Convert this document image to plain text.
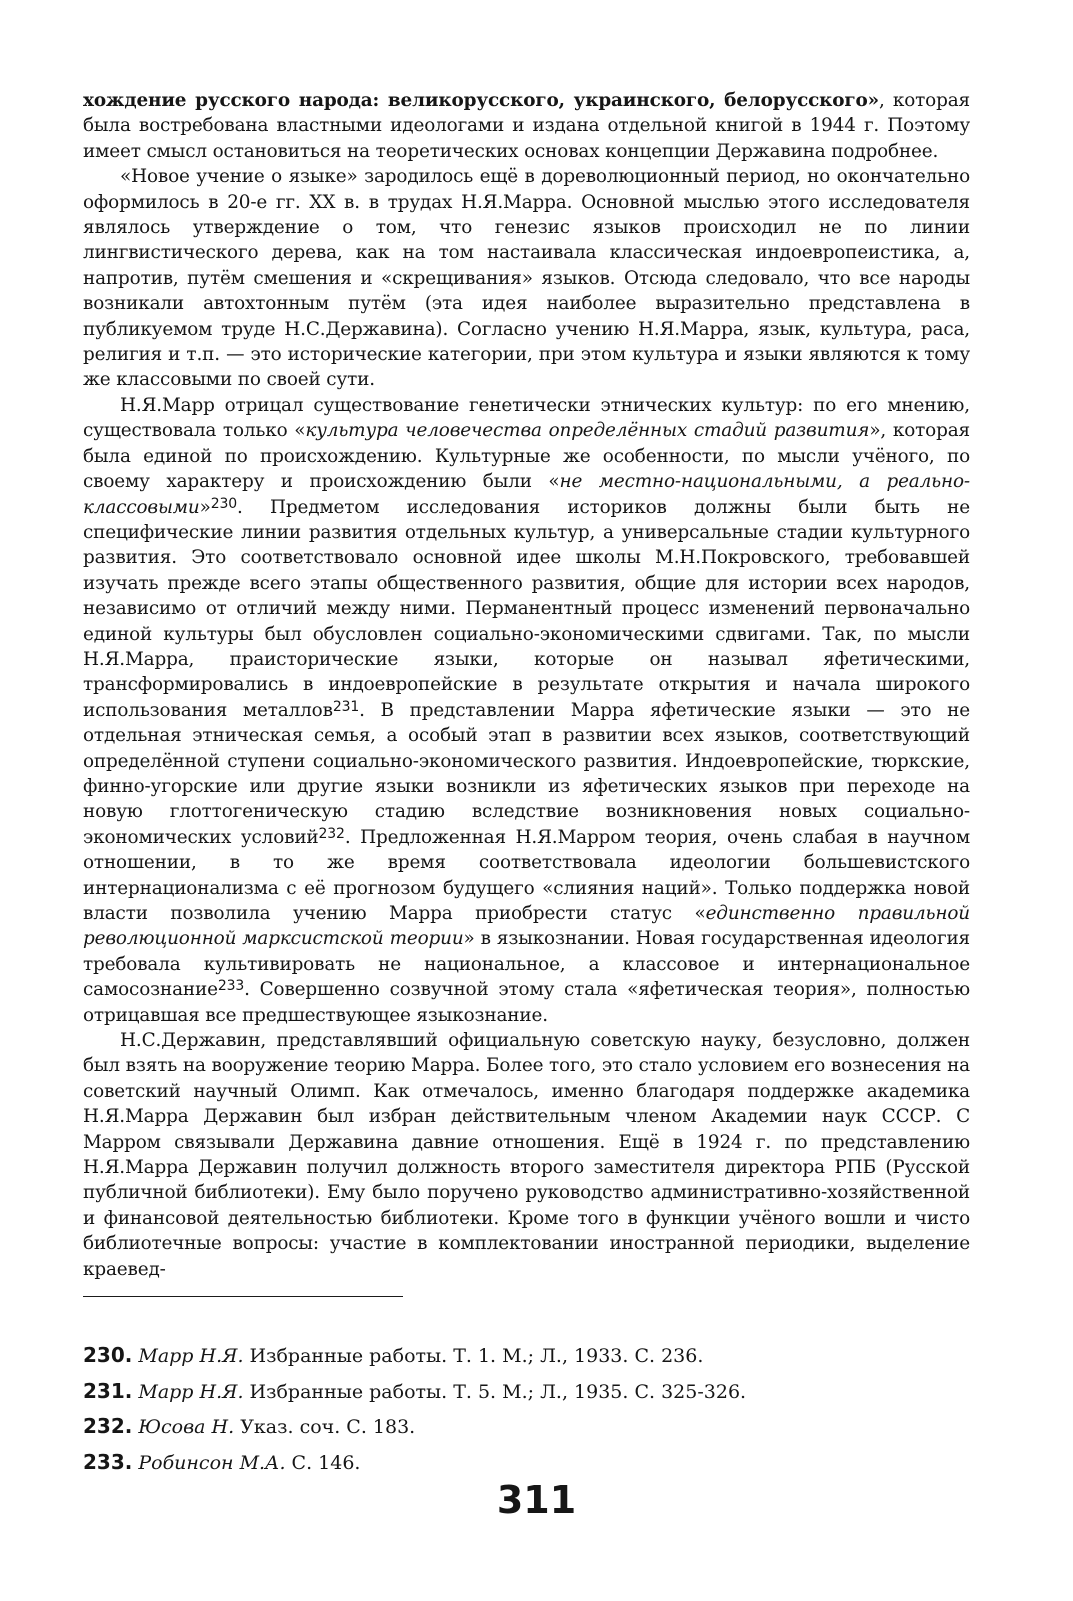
хождение русского народа: великорусского, украинского, белорусского», которая была востребована властными идеологами и издана отдельной книгой в 1944 г. Поэтому имеет смысл остановиться на теоретических основах концепции Державина подробнее.

«Новое учение о языке» зародилось ещё в дореволюционный период, но окончательно оформилось в 20-е гг. XX в. в трудах Н.Я.Марра. Основной мыслью этого исследователя являлось утверждение о том, что генезис языков происходил не по линии лингвистического дерева, как на том настаивала классическая индоевропеистика, а, напротив, путём смешения и «скрещивания» языков. Отсюда следовало, что все народы возникали автохтонным путём (эта идея наиболее выразительно представлена в публикуемом труде Н.С.Державина). Согласно учению Н.Я.Марра, язык, культура, раса, религия и т.п. — это исторические категории, при этом культура и языки являются к тому же классовыми по своей сути.

Н.Я.Марр отрицал существование генетически этнических культур: по его мнению, существовала только «культура человечества определённых стадий развития», которая была единой по происхождению. Культурные же особенности, по мысли учёного, по своему характеру и происхождению были «не местно-национальными, а реально-классовыми»$^{230}$. Предметом исследования историков должны были быть не специфические линии развития отдельных культур, а универсальные стадии культурного развития. Это соответствовало основной идее школы М.Н.Покровского, требовавшей изучать прежде всего этапы общественного развития, общие для истории всех народов, независимо от отличий между ними. Перманентный процесс изменений первоначально единой культуры был обусловлен социально-экономическими сдвигами. Так, по мысли Н.Я.Марра, праисторические языки, которые он называл яфетическими, трансформировались в индоевропейские в результате открытия и начала широкого использования металлов$^{231}$. В представлении Марра яфетические языки — это не отдельная этническая семья, а особый этап в развитии всех языков, соответствующий определённой ступени социально-экономического развития. Индоевропейские, тюркские, финно-угорские или другие языки возникли из яфетических языков при переходе на новую глоттогеническую стадию вследствие возникновения новых социально-экономических условий$^{232}$. Предложенная Н.Я.Марром теория, очень слабая в научном отношении, в то же время соответствовала идеологии большевистского интернационализма с её прогнозом будущего «слияния наций». Только поддержка новой власти позволила учению Марра приобрести статус «единственно правильной революционной марксистской теории» в языкознании. Новая государственная идеология требовала культивировать не национальное, а классовое и интернациональное самосознание$^{233}$. Совершенно созвучной этому стала «яфетическая теория», полностью отрицавшая все предшествующее языкознание.

Н.С.Державин, представлявший официальную советскую науку, безусловно, должен был взять на вооружение теорию Марра. Более того, это стало условием его вознесения на советский научный Олимп. Как отмечалось, именно благодаря поддержке академика Н.Я.Марра Державин был избран действительным членом Академии наук СССР. С Марром связывали Державина давние отношения. Ещё в 1924 г. по представлению Н.Я.Марра Державин получил должность второго заместителя директора РПБ (Русской публичной библиотеки). Ему было поручено руководство административно-хозяйственной и финансовой деятельностью библиотеки. Кроме того в функции учёного вошли и чисто библиотечные вопросы: участие в комплектовании иностранной периодики, выделение краевед-

230. Марр Н.Я. Избранные работы. Т. 1. М.; Л., 1933. С. 236.
231. Марр Н.Я. Избранные работы. Т. 5. М.; Л., 1935. С. 325-326.
232. Юсова Н. Указ. соч. С. 183.
233. Робинсон М.А. С. 146.
311
